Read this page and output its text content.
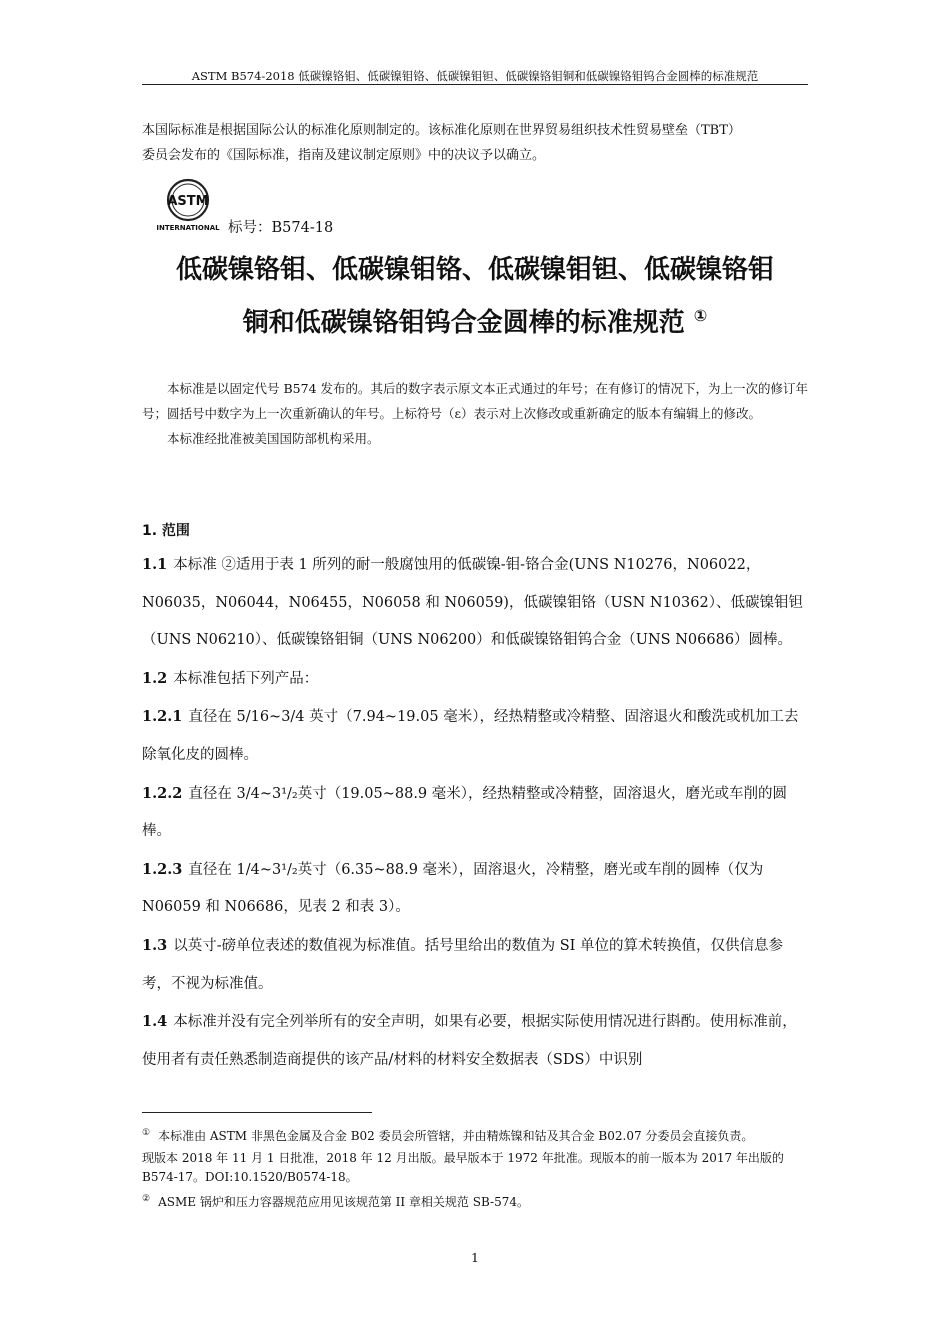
ASTM B574-2018 低碳镍铬钼、低碳镍钼铬、低碳镍钼钽、低碳镍铬钼铜和低碳镍铬钼钨合金圆棒的标准规范
本国际标准是根据国际公认的标准化原则制定的。该标准化原则在世界贸易组织技术性贸易壁垒（TBT）
委员会发布的《国际标准，指南及建议制定原则》中的决议予以确立。
ASTM
INTERNATIONAL 标号：B574-18
低碳镍铬钼、低碳镍钼铬、低碳镍钼钽、低碳镍铬钼
铜和低碳镍铬钼钨合金圆棒的标准规范 ①

本标准是以固定代号 B574 发布的。其后的数字表示原文本正式通过的年号；在有修订的情况下，为上一次的修订年号；圆括号中数字为上一次重新确认的年号。上标符号（ε）表示对上次修改或重新确定的版本有编辑上的修改。

本标准经批准被美国国防部机构采用。

1. 范围

1.1 本标准 ②适用于表 1 所列的耐一般腐蚀用的低碳镍-钼-铬合金(UNS N10276，N06022，N06035，N06044，N06455，N06058 和 N06059)，低碳镍钼铬（USN N10362）、低碳镍钼钽（UNS N06210）、低碳镍铬钼铜（UNS N06200）和低碳镍铬钼钨合金（UNS N06686）圆棒。

1.2 本标准包括下列产品：

1.2.1 直径在 5/16~3/4 英寸（7.94~19.05 毫米），经热精整或冷精整、固溶退火和酸洗或机加工去除氧化皮的圆棒。

1.2.2 直径在 3/4~3¹/₂英寸（19.05~88.9 毫米），经热精整或冷精整，固溶退火，磨光或车削的圆棒。

1.2.3 直径在 1/4~3¹/₂英寸（6.35~88.9 毫米），固溶退火，冷精整，磨光或车削的圆棒（仅为 N06059 和 N06686，见表 2 和表 3）。

1.3 以英寸-磅单位表述的数值视为标准值。括号里给出的数值为 SI 单位的算术转换值，仅供信息参考，不视为标准值。

1.4 本标准并没有完全列举所有的安全声明，如果有必要，根据实际使用情况进行斟酌。使用标准前，使用者有责任熟悉制造商提供的该产品/材料的材料安全数据表（SDS）中识别

① 本标准由 ASTM 非黑色金属及合金 B02 委员会所管辖，并由精炼镍和钴及其合金 B02.07 分委员会直接负责。

现版本 2018 年 11 月 1 日批准，2018 年 12 月出版。最早版本于 1972 年批准。现版本的前一版本为 2017 年出版的 B574-17。DOI:10.1520/B0574-18。

② ASME 锅炉和压力容器规范应用见该规范第 II 章相关规范 SB-574。

1
